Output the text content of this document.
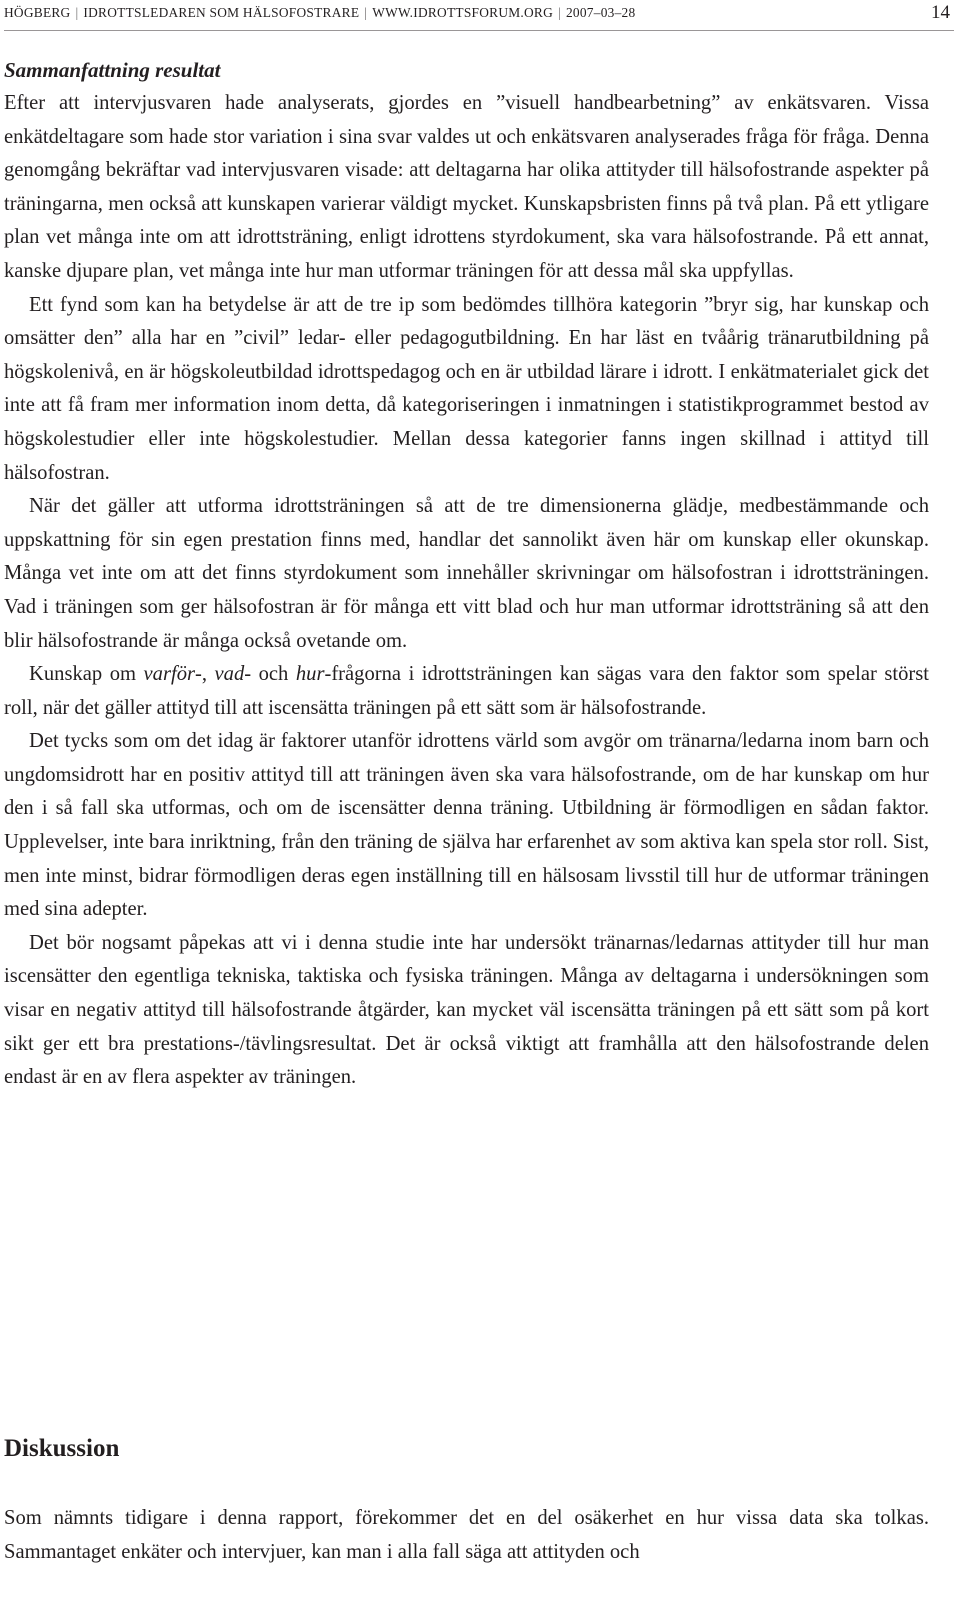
HÖGBERG | IDROTTSLEDAREN SOM HÄLSOFOSTRARE | WWW.IDROTTSFORUM.ORG | 2007–03–28	14
Sammanfattning resultat

Efter att intervjusvaren hade analyserats, gjordes en ”visuell handbearbetning” av enkätsvaren. Vissa enkätdeltagare som hade stor variation i sina svar valdes ut och enkätsvaren analyserades fråga för fråga. Denna genomgång bekräftar vad intervjusvaren visade: att deltagarna har olika attityder till hälsofostrande aspekter på träningarna, men också att kunskapen varierar väldigt mycket. Kunskapsbristen finns på två plan. På ett ytligare plan vet många inte om att idrottsträning, enligt idrottens styrdokument, ska vara hälsofostrande. På ett annat, kanske djupare plan, vet många inte hur man utformar träningen för att dessa mål ska uppfyllas.

Ett fynd som kan ha betydelse är att de tre ip som bedömdes tillhöra kategorin ”bryr sig, har kunskap och omsätter den” alla har en ”civil” ledar- eller pedagogutbildning. En har läst en tvåårig tränarutbildning på högskolenivå, en är högskoleutbildad idrottspedagog och en är utbildad lärare i idrott. I enkätmaterialet gick det inte att få fram mer information inom detta, då kategoriseringen i inmatningen i statistikprogrammet bestod av högskolestudier eller inte högskolestudier. Mellan dessa kategorier fanns ingen skillnad i attityd till hälsofostran.

När det gäller att utforma idrottsträningen så att de tre dimensionerna glädje, medbestämmande och uppskattning för sin egen prestation finns med, handlar det sannolikt även här om kunskap eller okunskap. Många vet inte om att det finns styrdokument som innehåller skrivningar om hälsofostran i idrottsträningen. Vad i träningen som ger hälsofostran är för många ett vitt blad och hur man utformar idrottsträning så att den blir hälsofostrande är många också ovetande om.

Kunskap om varför-, vad- och hur-frågorna i idrottsträningen kan sägas vara den faktor som spelar störst roll, när det gäller attityd till att iscensätta träningen på ett sätt som är hälsofostrande.

Det tycks som om det idag är faktorer utanför idrottens värld som avgör om tränarna/ledarna inom barn och ungdomsidrott har en positiv attityd till att träningen även ska vara hälsofostrande, om de har kunskap om hur den i så fall ska utformas, och om de iscensätter denna träning. Utbildning är förmodligen en sådan faktor. Upplevelser, inte bara inriktning, från den träning de själva har erfarenhet av som aktiva kan spela stor roll. Sist, men inte minst, bidrar förmodligen deras egen inställning till en hälsosam livsstil till hur de utformar träningen med sina adepter.

Det bör nogsamt påpekas att vi i denna studie inte har undersökt tränarnas/ledarnas attityder till hur man iscensätter den egentliga tekniska, taktiska och fysiska träningen. Många av deltagarna i undersökningen som visar en negativ attityd till hälsofostrande åtgärder, kan mycket väl iscensätta träningen på ett sätt som på kort sikt ger ett bra prestations-/tävlingsresultat. Det är också viktigt att framhålla att den hälsofostrande delen endast är en av flera aspekter av träningen.

Diskussion

Som nämnts tidigare i denna rapport, förekommer det en del osäkerhet en hur vissa data ska tolkas. Sammantaget enkäter och intervjuer, kan man i alla fall säga att attityden och
